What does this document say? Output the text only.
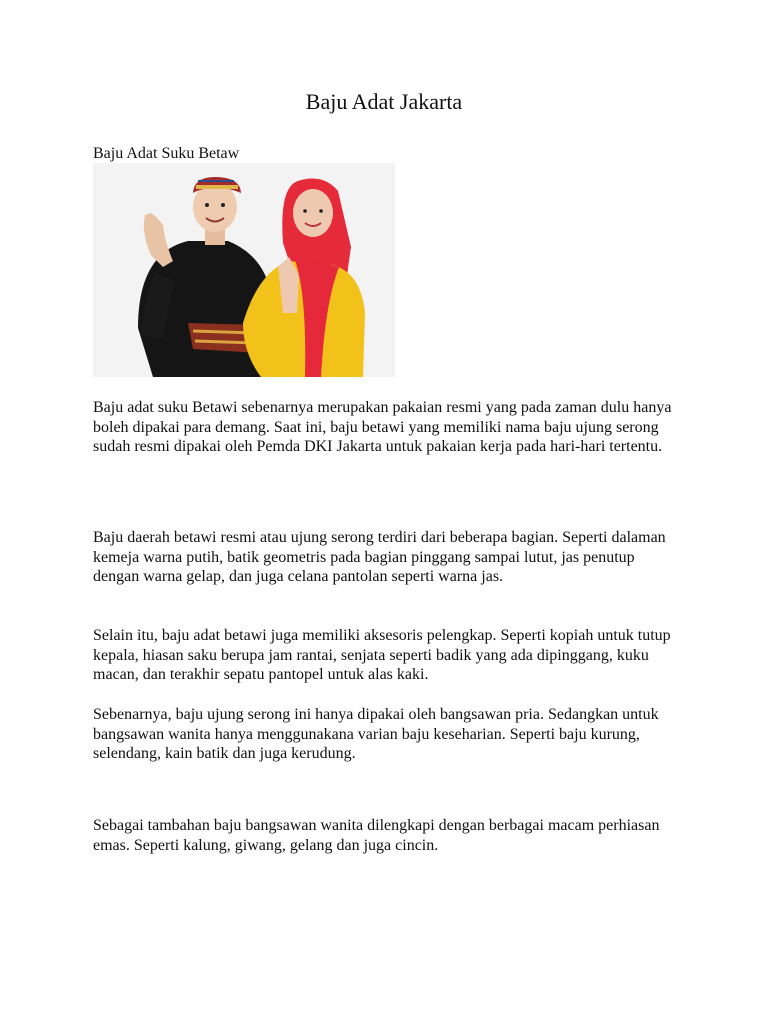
Baju Adat Jakarta
Baju Adat Suku Betaw

Baju adat suku Betawi sebenarnya merupakan pakaian resmi yang pada zaman dulu hanya boleh dipakai para demang. Saat ini, baju betawi yang memiliki nama baju ujung serong sudah resmi dipakai oleh Pemda DKI Jakarta untuk pakaian kerja pada hari-hari tertentu.

Baju daerah betawi resmi atau ujung serong terdiri dari beberapa bagian. Seperti dalaman kemeja warna putih, batik geometris pada bagian pinggang sampai lutut, jas penutup dengan warna gelap, dan juga celana pantolan seperti warna jas.

Selain itu, baju adat betawi juga memiliki aksesoris pelengkap. Seperti kopiah untuk tutup kepala, hiasan saku berupa jam rantai, senjata seperti badik yang ada dipinggang, kuku macan, dan terakhir sepatu pantopel untuk alas kaki.

Sebenarnya, baju ujung serong ini hanya dipakai oleh bangsawan pria. Sedangkan untuk bangsawan wanita hanya menggunakana varian baju keseharian. Seperti baju kurung, selendang, kain batik dan juga kerudung.

Sebagai tambahan baju bangsawan wanita dilengkapi dengan berbagai macam perhiasan emas. Seperti kalung, giwang, gelang dan juga cincin.
